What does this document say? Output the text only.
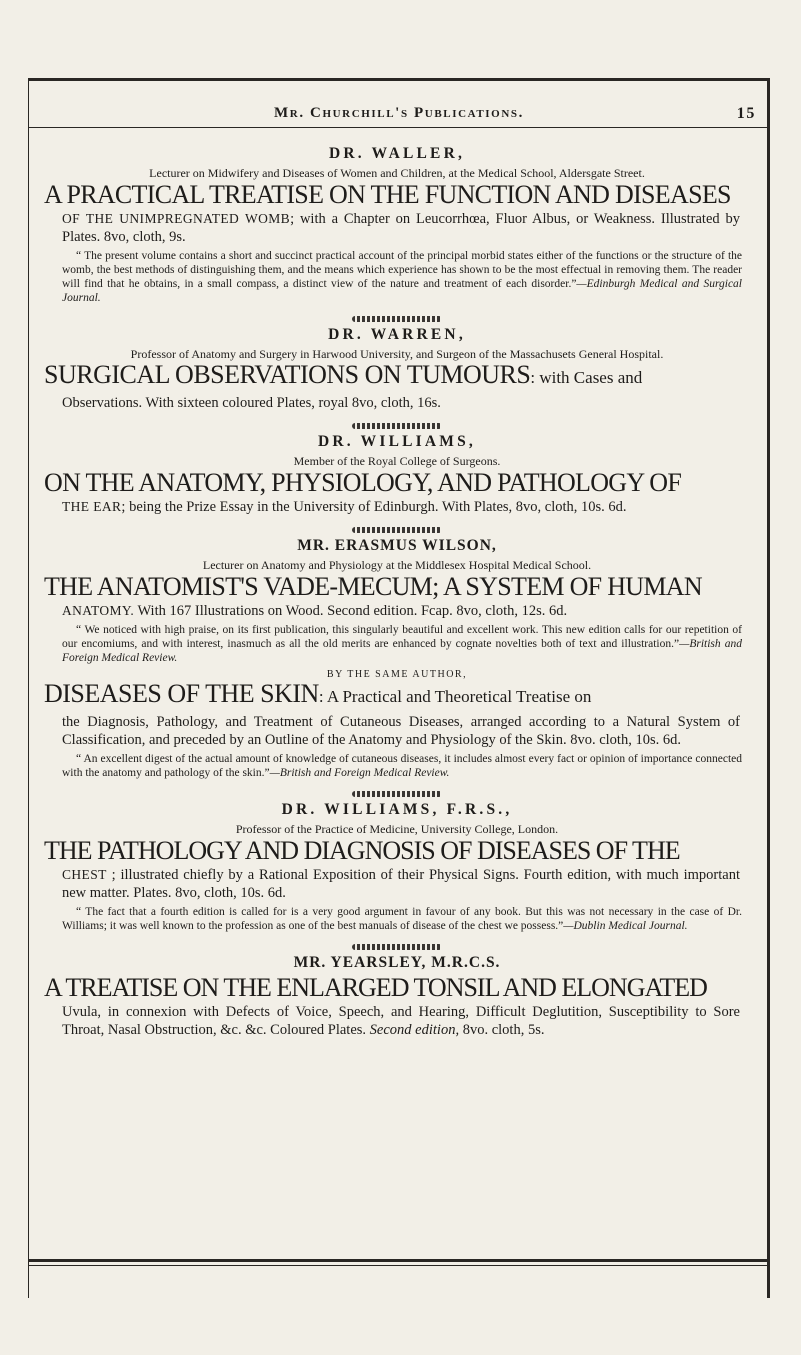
Mr. Churchill's Publications.	15
DR. WALLER,
Lecturer on Midwifery and Diseases of Women and Children, at the Medical School, Aldersgate Street.
A PRACTICAL TREATISE ON THE FUNCTION AND DISEASES
OF THE UNIMPREGNATED WOMB; with a Chapter on Leucorrhœa, Fluor Albus, or Weakness. Illustrated by Plates. 8vo, cloth, 9s.
“ The present volume contains a short and succinct practical account of the principal morbid states either of the functions or the structure of the womb, the best methods of distinguishing them, and the means which experience has shown to be the most effectual in removing them. The reader will find that he obtains, in a small compass, a distinct view of the nature and treatment of each disorder.”—Edinburgh Medical and Surgical Journal.
DR. WARREN,
Professor of Anatomy and Surgery in Harwood University, and Surgeon of the Massachusets General Hospital.
SURGICAL OBSERVATIONS ON TUMOURS: with Cases and
Observations. With sixteen coloured Plates, royal 8vo, cloth, 16s.
DR. WILLIAMS,
Member of the Royal College of Surgeons.
ON THE ANATOMY, PHYSIOLOGY, AND PATHOLOGY OF
THE EAR; being the Prize Essay in the University of Edinburgh. With Plates, 8vo, cloth, 10s. 6d.
MR. ERASMUS WILSON,
Lecturer on Anatomy and Physiology at the Middlesex Hospital Medical School.
THE ANATOMIST'S VADE-MECUM; A SYSTEM OF HUMAN
ANATOMY. With 167 Illustrations on Wood. Second edition. Fcap. 8vo, cloth, 12s. 6d.
“ We noticed with high praise, on its first publication, this singularly beautiful and excellent work. This new edition calls for our repetition of our encomiums, and with interest, inasmuch as all the old merits are enhanced by cognate novelties both of text and illustration.”—British and Foreign Medical Review.
BY THE SAME AUTHOR,
DISEASES OF THE SKIN: A Practical and Theoretical Treatise on
the Diagnosis, Pathology, and Treatment of Cutaneous Diseases, arranged according to a Natural System of Classification, and preceded by an Outline of the Anatomy and Physiology of the Skin. 8vo. cloth, 10s. 6d.
“ An excellent digest of the actual amount of knowledge of cutaneous diseases, it includes almost every fact or opinion of importance connected with the anatomy and pathology of the skin.”—British and Foreign Medical Review.
DR. WILLIAMS, F.R.S.,
Professor of the Practice of Medicine, University College, London.
THE PATHOLOGY AND DIAGNOSIS OF DISEASES OF THE
CHEST ; illustrated chiefly by a Rational Exposition of their Physical Signs. Fourth edition, with much important new matter. Plates. 8vo, cloth, 10s. 6d.
“ The fact that a fourth edition is called for is a very good argument in favour of any book. But this was not necessary in the case of Dr. Williams; it was well known to the profession as one of the best manuals of disease of the chest we possess.”—Dublin Medical Journal.
MR. YEARSLEY, M.R.C.S.
A TREATISE ON THE ENLARGED TONSIL AND ELONGATED
Uvula, in connexion with Defects of Voice, Speech, and Hearing, Difficult Deglutition, Susceptibility to Sore Throat, Nasal Obstruction, &c. &c. Coloured Plates. Second edition, 8vo. cloth, 5s.
